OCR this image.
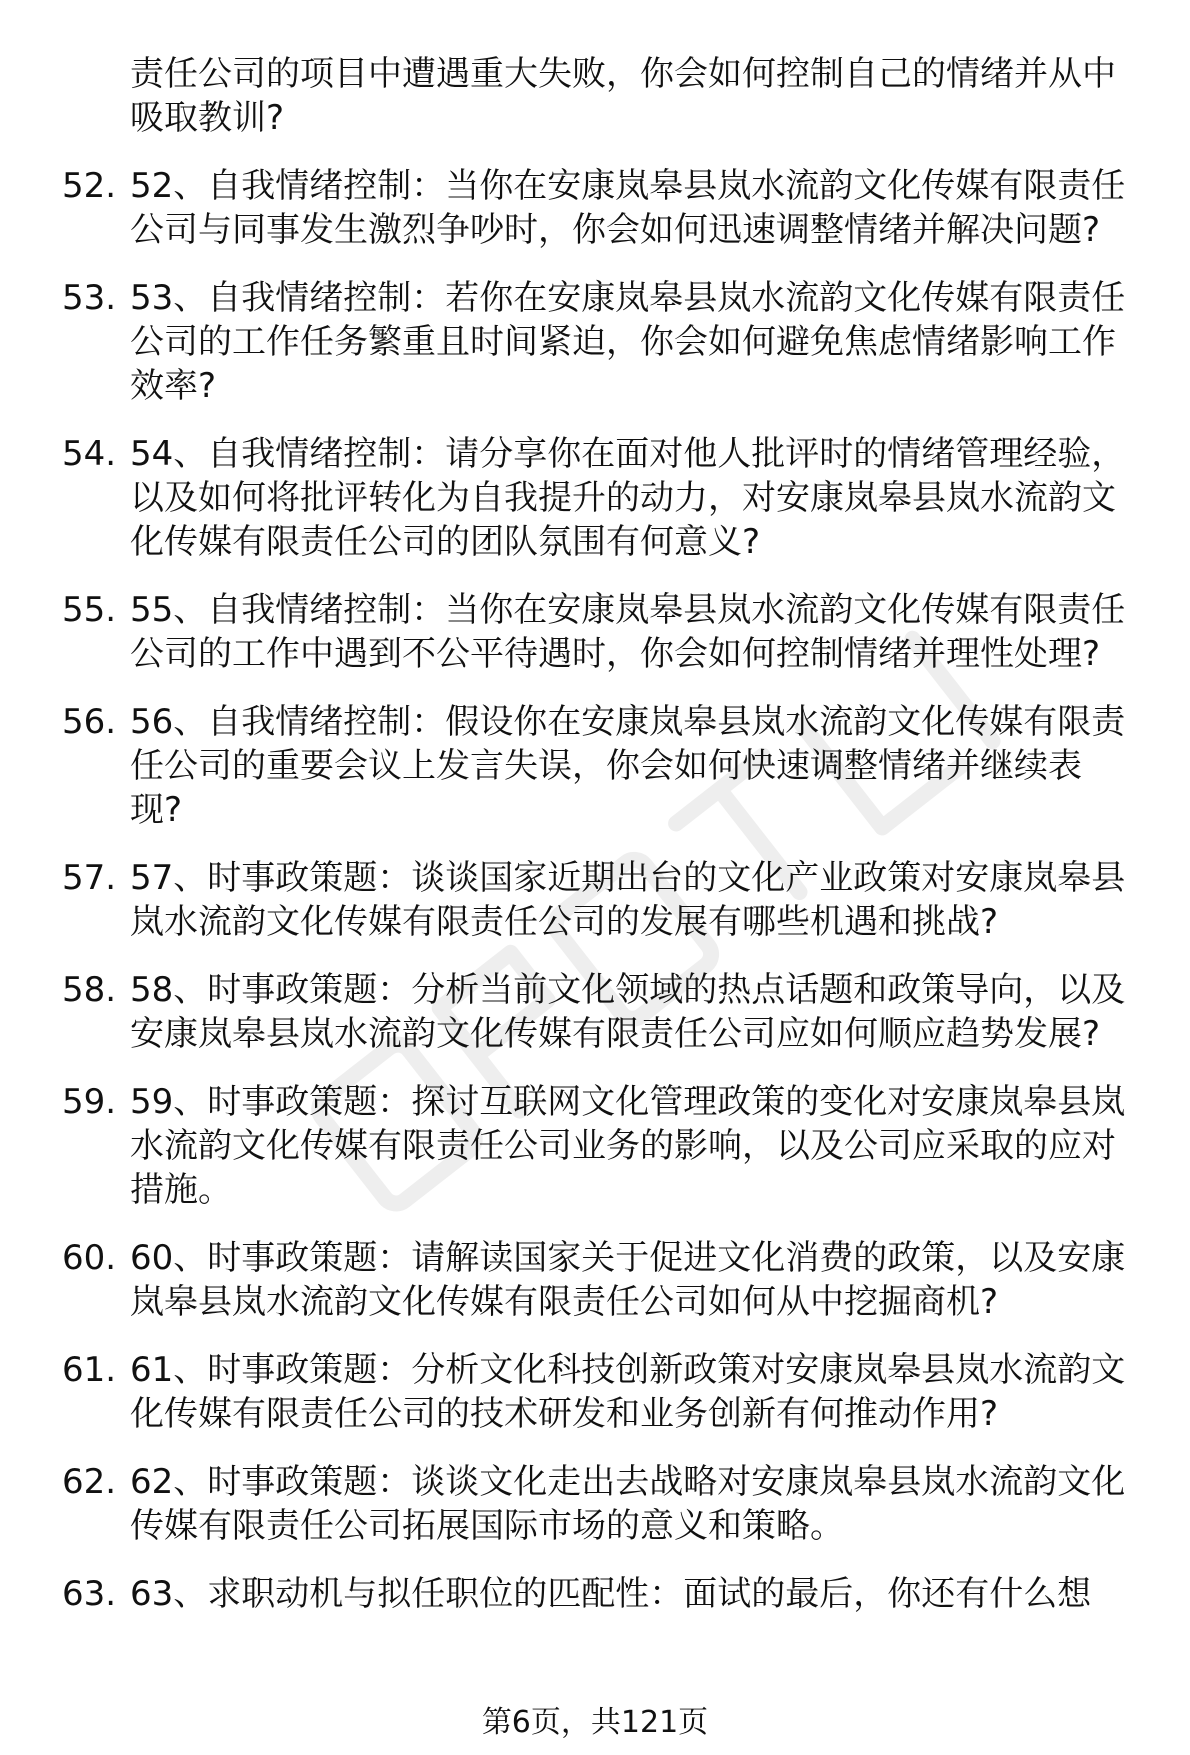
责任公司的项目中遭遇重大失败，你会如何控制自己的情绪并从中吸取教训?
52. 52、自我情绪控制：当你在安康岚皋县岚水流韵文化传媒有限责任公司与同事发生激烈争吵时，你会如何迅速调整情绪并解决问题?
53. 53、自我情绪控制：若你在安康岚皋县岚水流韵文化传媒有限责任公司的工作任务繁重且时间紧迫，你会如何避免焦虑情绪影响工作效率?
54. 54、自我情绪控制：请分享你在面对他人批评时的情绪管理经验，以及如何将批评转化为自我提升的动力，对安康岚皋县岚水流韵文化传媒有限责任公司的团队氛围有何意义?
55. 55、自我情绪控制：当你在安康岚皋县岚水流韵文化传媒有限责任公司的工作中遇到不公平待遇时，你会如何控制情绪并理性处理?
56. 56、自我情绪控制：假设你在安康岚皋县岚水流韵文化传媒有限责任公司的重要会议上发言失误，你会如何快速调整情绪并继续表现?
57. 57、时事政策题：谈谈国家近期出台的文化产业政策对安康岚皋县岚水流韵文化传媒有限责任公司的发展有哪些机遇和挑战?
58. 58、时事政策题：分析当前文化领域的热点话题和政策导向，以及安康岚皋县岚水流韵文化传媒有限责任公司应如何顺应趋势发展?
59. 59、时事政策题：探讨互联网文化管理政策的变化对安康岚皋县岚水流韵文化传媒有限责任公司业务的影响，以及公司应采取的应对措施。
60. 60、时事政策题：请解读国家关于促进文化消费的政策，以及安康岚皋县岚水流韵文化传媒有限责任公司如何从中挖掘商机?
61. 61、时事政策题：分析文化科技创新政策对安康岚皋县岚水流韵文化传媒有限责任公司的技术研发和业务创新有何推动作用?
62. 62、时事政策题：谈谈文化走出去战略对安康岚皋县岚水流韵文化传媒有限责任公司拓展国际市场的意义和策略。
63. 63、求职动机与拟任职位的匹配性：面试的最后，你还有什么想
第6页，共121页
